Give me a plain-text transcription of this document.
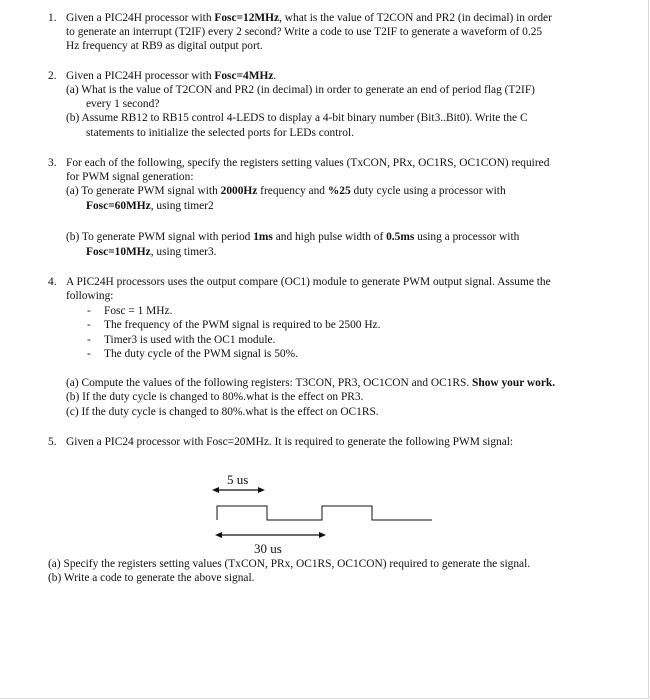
1. Given a PIC24H processor with Fosc=12MHz, what is the value of T2CON and PR2 (in decimal) in order
to generate an interrupt (T2IF) every 2 second? Write a code to use T2IF to generate a waveform of 0.25
Hz frequency at RB9 as digital output port.
2. Given a PIC24H processor with Fosc=4MHz.
(a) What is the value of T2CON and PR2 (in decimal) in order to generate an end of period flag (T2IF)
every 1 second?
(b) Assume RB12 to RB15 control 4-LEDS to display a 4-bit binary number (Bit3..Bit0). Write the C
statements to initialize the selected ports for LEDs control.
3. For each of the following, specify the registers setting values (TxCON, PRx, OC1RS, OC1CON) required
for PWM signal generation:
(a) To generate PWM signal with 2000Hz frequency and %25 duty cycle using a processor with
Fosc=60MHz, using timer2
(b) To generate PWM signal with period 1ms and high pulse width of 0.5ms using a processor with
Fosc=10MHz, using timer3.
4. A PIC24H processors uses the output compare (OC1) module to generate PWM output signal. Assume the
following:
- Fosc = 1 MHz.
- The frequency of the PWM signal is required to be 2500 Hz.
- Timer3 is used with the OC1 module.
- The duty cycle of the PWM signal is 50%.
(a) Compute the values of the following registers: T3CON, PR3, OC1CON and OC1RS. Show your work.
(b) If the duty cycle is changed to 80%.what is the effect on PR3.
(c) If the duty cycle is changed to 80%.what is the effect on OC1RS.
5. Given a PIC24 processor with Fosc=20MHz. It is required to generate the following PWM signal:
5 us
30 us
(a) Specify the registers setting values (TxCON, PRx, OC1RS, OC1CON) required to generate the signal.
(b) Write a code to generate the above signal.
